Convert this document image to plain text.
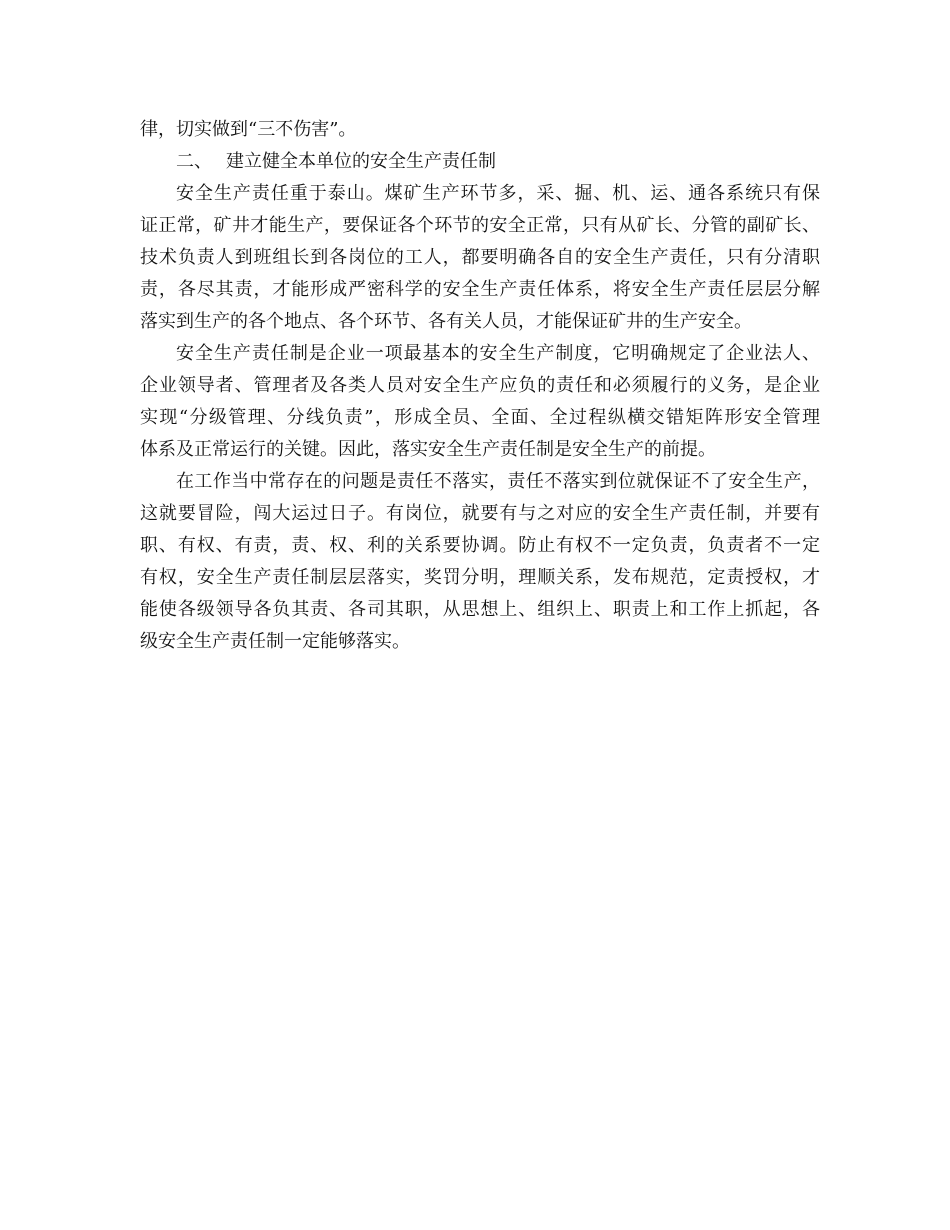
律，切实做到“三不伤害”。
二、 建立健全本单位的安全生产责任制
安全生产责任重于泰山。煤矿生产环节多，采、掘、机、运、通各系统只有保
证正常，矿井才能生产，要保证各个环节的安全正常，只有从矿长、分管的副矿长、
技术负责人到班组长到各岗位的工人，都要明确各自的安全生产责任，只有分清职
责，各尽其责，才能形成严密科学的安全生产责任体系，将安全生产责任层层分解
落实到生产的各个地点、各个环节、各有关人员，才能保证矿井的生产安全。
安全生产责任制是企业一项最基本的安全生产制度，它明确规定了企业法人、
企业领导者、管理者及各类人员对安全生产应负的责任和必须履行的义务，是企业
实现“分级管理、分线负责”，形成全员、全面、全过程纵横交错矩阵形安全管理
体系及正常运行的关键。因此，落实安全生产责任制是安全生产的前提。
在工作当中常存在的问题是责任不落实，责任不落实到位就保证不了安全生产，
这就要冒险，闯大运过日子。有岗位，就要有与之对应的安全生产责任制，并要有
职、有权、有责，责、权、利的关系要协调。防止有权不一定负责，负责者不一定
有权，安全生产责任制层层落实，奖罚分明，理顺关系，发布规范，定责授权，才
能使各级领导各负其责、各司其职，从思想上、组织上、职责上和工作上抓起，各
级安全生产责任制一定能够落实。
